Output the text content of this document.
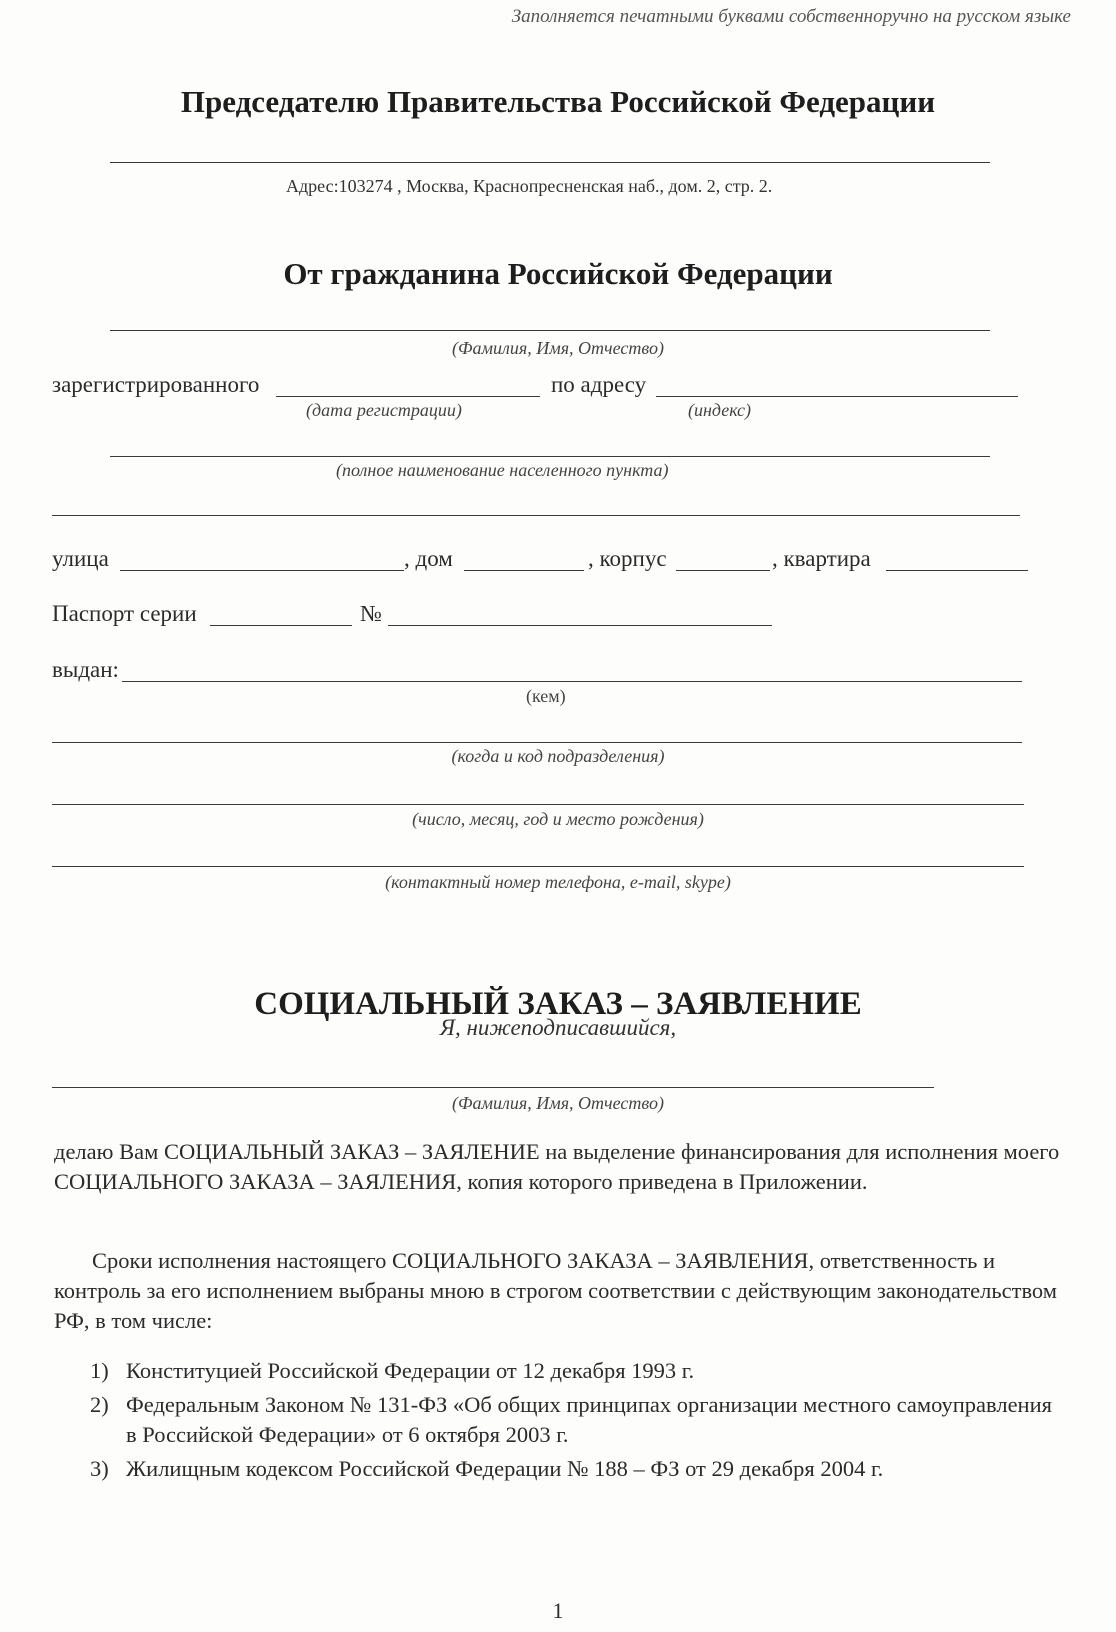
Заполняется печатными буквами собственноручно на русском языке
Председателю Правительства Российской Федерации
Адрес:103274 , Москва, Краснопресненская наб., дом. 2, стр. 2.
От гражданина Российской Федерации
(Фамилия, Имя, Отчество)
зарегистрированного	по адресу
(дата регистрации)	(индекс)
(полное наименование населенного пункта)
улица	, дом	, корпус	, квартира
Паспорт серии	№
выдан:
(кем)
(когда и код подразделения)
(число, месяц, год и место рождения)
(контактный номер телефона, e-mail, skype)
СОЦИАЛЬНЫЙ ЗАКАЗ – ЗАЯВЛЕНИЕ
Я, нижеподписавшийся,
(Фамилия, Имя, Отчество)
делаю Вам СОЦИАЛЬНЫЙ ЗАКАЗ – ЗАЯЛЕНИЕ на выделение финансирования для исполнения моего СОЦИАЛЬНОГО ЗАКАЗА – ЗАЯЛЕНИЯ, копия которого приведена в Приложении.
Сроки исполнения настоящего СОЦИАЛЬНОГО ЗАКАЗА – ЗАЯВЛЕНИЯ, ответственность и контроль за его исполнением выбраны мною в строгом соответствии с действующим законодательством РФ, в том числе:
1) Конституцией Российской Федерации от 12 декабря 1993 г.
2) Федеральным Законом № 131-ФЗ «Об общих принципах организации местного самоуправления в Российской Федерации» от 6 октября 2003 г.
3) Жилищным кодексом Российской Федерации № 188 – ФЗ от 29 декабря 2004 г.
1
